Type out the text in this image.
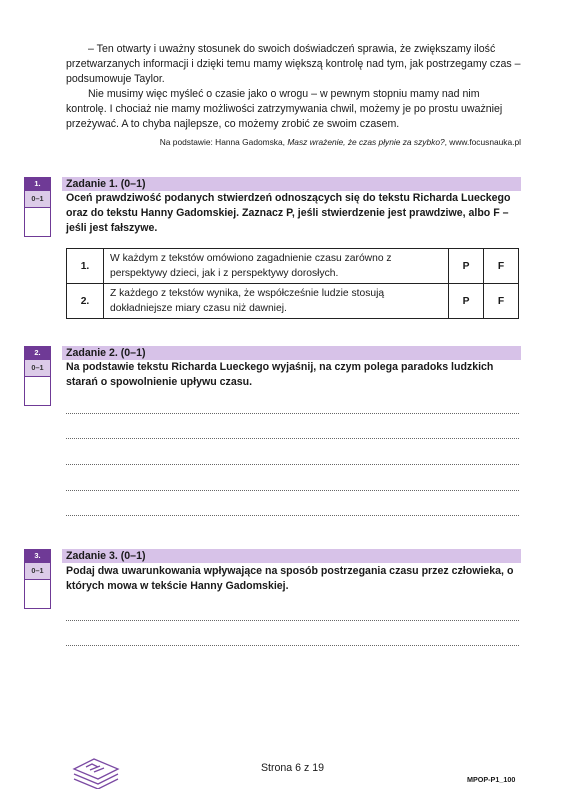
– Ten otwarty i uważny stosunek do swoich doświadczeń sprawia, że zwiększamy ilość przetwarzanych informacji i dzięki temu mamy większą kontrolę nad tym, jak postrzegamy czas – podsumowuje Taylor.

Nie musimy więc myśleć o czasie jako o wrogu – w pewnym stopniu mamy nad nim kontrolę. I chociaż nie mamy możliwości zatrzymywania chwil, możemy je po prostu uważniej przeżywać. A to chyba najlepsze, co możemy zrobić ze swoim czasem.

Na podstawie: Hanna Gadomska, Masz wrażenie, że czas płynie za szybko?, www.focusnauka.pl
1.
0–1
Zadanie 1. (0–1)
Oceń prawdziwość podanych stwierdzeń odnoszących się do tekstu Richarda Lueckego oraz do tekstu Hanny Gadomskiej. Zaznacz P, jeśli stwierdzenie jest prawdziwe, albo F – jeśli jest fałszywe.
1.	W każdym z tekstów omówiono zagadnienie czasu zarówno z perspektywy dzieci, jak i z perspektywy dorosłych.	P	F
2.	Z każdego z tekstów wynika, że współcześnie ludzie stosują dokładniejsze miary czasu niż dawniej.	P	F
2.
0–1
Zadanie 2. (0–1)
Na podstawie tekstu Richarda Lueckego wyjaśnij, na czym polega paradoks ludzkich starań o spowolnienie upływu czasu.
3.
0–1
Zadanie 3. (0–1)
Podaj dwa uwarunkowania wpływające na sposób postrzegania czasu przez człowieka, o których mowa w tekście Hanny Gadomskiej.
Strona 6 z 19
MPOP-P1_100
